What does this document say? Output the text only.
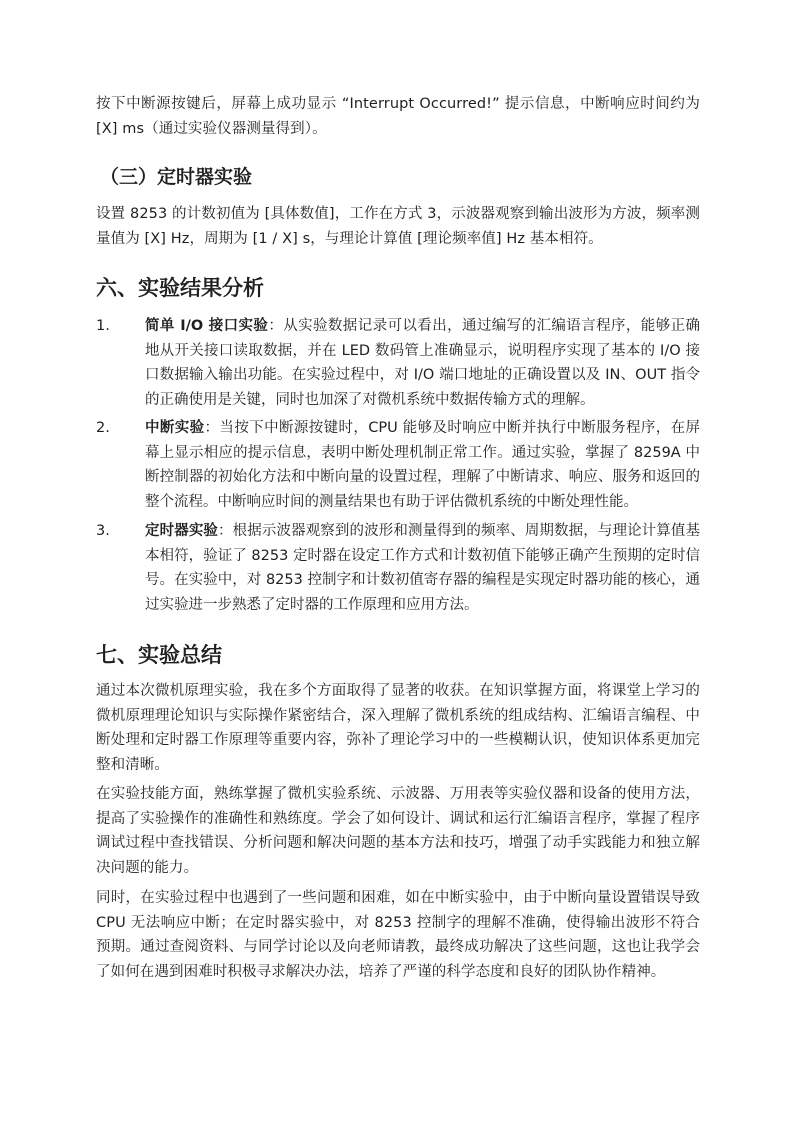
按下中断源按键后，屏幕上成功显示 “Interrupt Occurred!” 提示信息，中断响应时间约为 [X] ms（通过实验仪器测量得到）。

（三）定时器实验

设置 8253 的计数初值为 [具体数值]，工作在方式 3，示波器观察到输出波形为方波，频率测量值为 [X] Hz，周期为 [1 / X] s，与理论计算值 [理论频率值] Hz 基本相符。

六、实验结果分析
1. 简单 I/O 接口实验：从实验数据记录可以看出，通过编写的汇编语言程序，能够正确地从开关接口读取数据，并在 LED 数码管上准确显示，说明程序实现了基本的 I/O 接口数据输入输出功能。在实验过程中，对 I/O 端口地址的正确设置以及 IN、OUT 指令的正确使用是关键，同时也加深了对微机系统中数据传输方式的理解。

2. 中断实验：当按下中断源按键时，CPU 能够及时响应中断并执行中断服务程序，在屏幕上显示相应的提示信息，表明中断处理机制正常工作。通过实验，掌握了 8259A 中断控制器的初始化方法和中断向量的设置过程，理解了中断请求、响应、服务和返回的整个流程。中断响应时间的测量结果也有助于评估微机系统的中断处理性能。

3. 定时器实验：根据示波器观察到的波形和测量得到的频率、周期数据，与理论计算值基本相符，验证了 8253 定时器在设定工作方式和计数初值下能够正确产生预期的定时信号。在实验中，对 8253 控制字和计数初值寄存器的编程是实现定时器功能的核心，通过实验进一步熟悉了定时器的工作原理和应用方法。

七、实验总结

通过本次微机原理实验，我在多个方面取得了显著的收获。在知识掌握方面，将课堂上学习的微机原理理论知识与实际操作紧密结合，深入理解了微机系统的组成结构、汇编语言编程、中断处理和定时器工作原理等重要内容，弥补了理论学习中的一些模糊认识，使知识体系更加完整和清晰。

在实验技能方面，熟练掌握了微机实验系统、示波器、万用表等实验仪器和设备的使用方法，提高了实验操作的准确性和熟练度。学会了如何设计、调试和运行汇编语言程序，掌握了程序调试过程中查找错误、分析问题和解决问题的基本方法和技巧，增强了动手实践能力和独立解决问题的能力。

同时，在实验过程中也遇到了一些问题和困难，如在中断实验中，由于中断向量设置错误导致 CPU 无法响应中断；在定时器实验中，对 8253 控制字的理解不准确，使得输出波形不符合预期。通过查阅资料、与同学讨论以及向老师请教，最终成功解决了这些问题，这也让我学会了如何在遇到困难时积极寻求解决办法，培养了严谨的科学态度和良好的团队协作精神。
